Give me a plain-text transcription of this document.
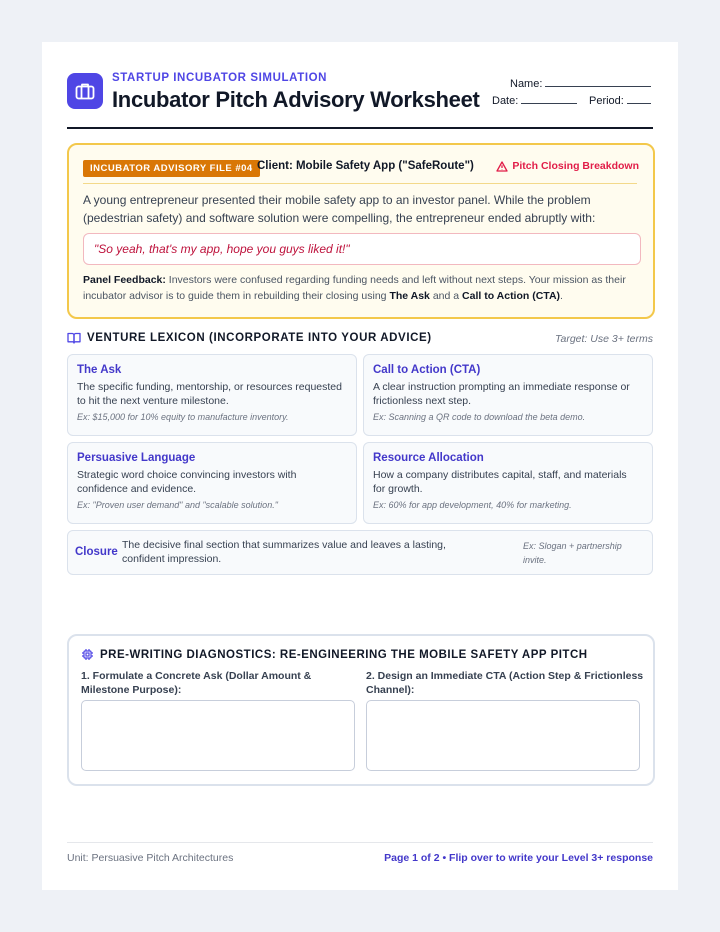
STARTUP INCUBATOR SIMULATION
Incubator Pitch Advisory Worksheet
Name:
Date:	Period:
INCUBATOR ADVISORY FILE #04 Client: Mobile Safety App ("SafeRoute")	Pitch Closing Breakdown
A young entrepreneur presented their mobile safety app to an investor panel. While the problem (pedestrian safety) and software solution were compelling, the entrepreneur ended abruptly with:
"So yeah, that's my app, hope you guys liked it!"
Panel Feedback: Investors were confused regarding funding needs and left without next steps. Your mission as their incubator advisor is to guide them in rebuilding their closing using The Ask and a Call to Action (CTA).
VENTURE LEXICON (INCORPORATE INTO YOUR ADVICE)	Target: Use 3+ terms
The Ask
The specific funding, mentorship, or resources requested to hit the next venture milestone.
Ex: $15,000 for 10% equity to manufacture inventory.
Call to Action (CTA)
A clear instruction prompting an immediate response or frictionless next step.
Ex: Scanning a QR code to download the beta demo.
Persuasive Language
Strategic word choice convincing investors with confidence and evidence.
Ex: "Proven user demand" and "scalable solution."
Resource Allocation
How a company distributes capital, staff, and materials for growth.
Ex: 60% for app development, 40% for marketing.
Closure
The decisive final section that summarizes value and leaves a lasting, confident impression.
Ex: Slogan + partnership invite.
PRE-WRITING DIAGNOSTICS: RE-ENGINEERING THE MOBILE SAFETY APP PITCH
1. Formulate a Concrete Ask (Dollar Amount & Milestone Purpose):
2. Design an Immediate CTA (Action Step & Frictionless Channel):
Unit: Persuasive Pitch Architectures	Page 1 of 2 • Flip over to write your Level 3+ response
